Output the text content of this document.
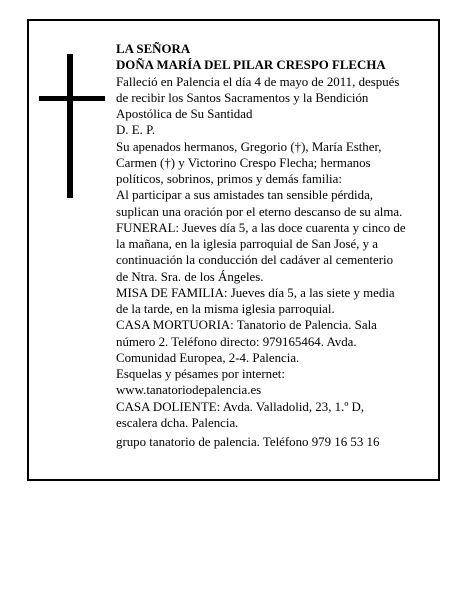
LA SEÑORA
DOÑA MARÍA DEL PILAR CRESPO FLECHA
Falleció en Palencia el día 4 de mayo de 2011, después
de recibir los Santos Sacramentos y la Bendición
Apostólica de Su Santidad
D. E. P.
Su apenados hermanos, Gregorio (†), María Esther,
Carmen (†) y Victorino Crespo Flecha; hermanos
políticos, sobrinos, primos y demás familia:
Al participar a sus amistades tan sensible pérdida,
suplican una oración por el eterno descanso de su alma.
FUNERAL: Jueves día 5, a las doce cuarenta y cinco de
la mañana, en la iglesia parroquial de San José, y a
continuación la conducción del cadáver al cementerio
de Ntra. Sra. de los Ángeles.
MISA DE FAMILIA: Jueves día 5, a las siete y media
de la tarde, en la misma iglesia parroquial.
CASA MORTUORIA: Tanatorio de Palencia. Sala
número 2. Teléfono directo: 979165464. Avda.
Comunidad Europea, 2-4. Palencia.
Esquelas y pésames por internet:
www.tanatoriodepalencia.es
CASA DOLIENTE: Avda. Valladolid, 23, 1.º D,
escalera dcha. Palencia.
grupo tanatorio de palencia. Teléfono 979 16 53 16
